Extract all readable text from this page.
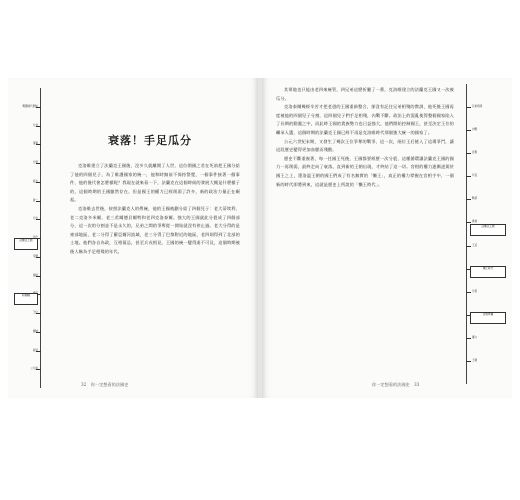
戰國時代開始
分封
軍事
分裂
政治
統一
分治
帝國
諸侯
王位
疆域
政局
公元前
法蘭克王國
時間軸
衰落！手足瓜分

克洛維建立了法蘭克王國後，沒多久就離開了人世，這位開國之君在死前把王國分給了他的四個兒子，為了維護國家的統一，他和時無前不保持警覺，一個事件接著一個事件，他的後代會怎麼樣呢？我現在就來看一下，法蘭克在這個時候的發展大概是什麼樣子的，這個時期的王國雖然存在，但是國王的權力已經削弱了許多，新的政治力量正在崛起。

克洛維去世後，按照法蘭克人的傳統，他的王國被劃分給了四個兒子：老大蒂埃利、老二克洛多米爾、老三希爾德貝爾特和老四克洛泰爾。強大的王國就此分裂成了四個部分，這一次的分割並不是永久的，兄弟之間的爭奪從一開始就沒有停止過。老大分得的是東部地區，老二分得了羅亞爾河流域，老三分得了巴黎附近的地區，老四則得到了北部的土地。他們各自為政，互相猜忌，甚至兵戎相見，王國的統一變得遙不可及，這個時期被後人稱為手足相殘的年代。

32 你一定想看的法國史

其領地也只能由老四來統管，四兄弟這麼折騰了一番，克洛維建立的法蘭克王國又一次被瓜分。

克洛泰爾幾經辛苦才把老爸的王國重新整合，卻沒有記住兄弟相殘的教訓，他死後王國再度被他的四個兒子分割，這四個兒子們手足相殘，內戰不斷。政治上的混亂使得整個國家陷入了長期的動盪之中，而此時王國的貴族勢力也日益強大，他們開始控制國王，甚至決定王位的繼承人選，這個時期的法蘭克王國已經不再是克洛維時代那個強大統一的國家了。

公元六世紀末期，又發生了幾次王位爭奪的戰爭，這一次，兩位王后捲入了這場爭鬥，讓這段歷史變得更加血腥而殘酷。

歷史不斷重複著，每一任國王死後，王國都要經歷一次分裂，這種循環讓法蘭克王國的國力一再削弱，最終走向了衰落，直到新的王朝出現，才終結了這一切。宮相的權力逐漸凌駕於國王之上，墨洛溫王朝的國王們成了有名無實的「懶王」，真正的權力掌握在宮相手中，一個新的時代即將到來，這就是歷史上所說的「懶王時代」。

兄弟相爭
內戰
宮相
年表
戰爭
貴族
王后
分裂
權力
王朝
法蘭克王國
懶王時代
宮相掌權
你一定想看的法國史 33
